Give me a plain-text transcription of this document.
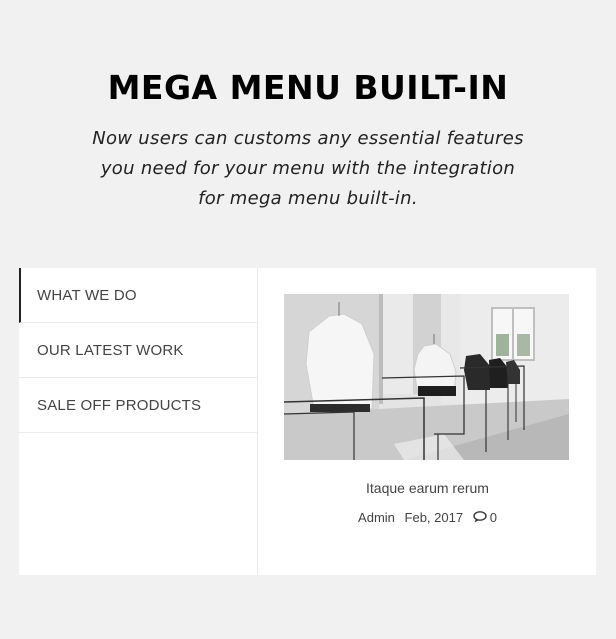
MEGA MENU BUILT-IN
Now users can customs any essential features
you need for your menu with the integration
for mega menu built-in.
WHAT WE DO
OUR LATEST WORK
SALE OFF PRODUCTS
Itaque earum rerum
Admin Feb, 2017 0
